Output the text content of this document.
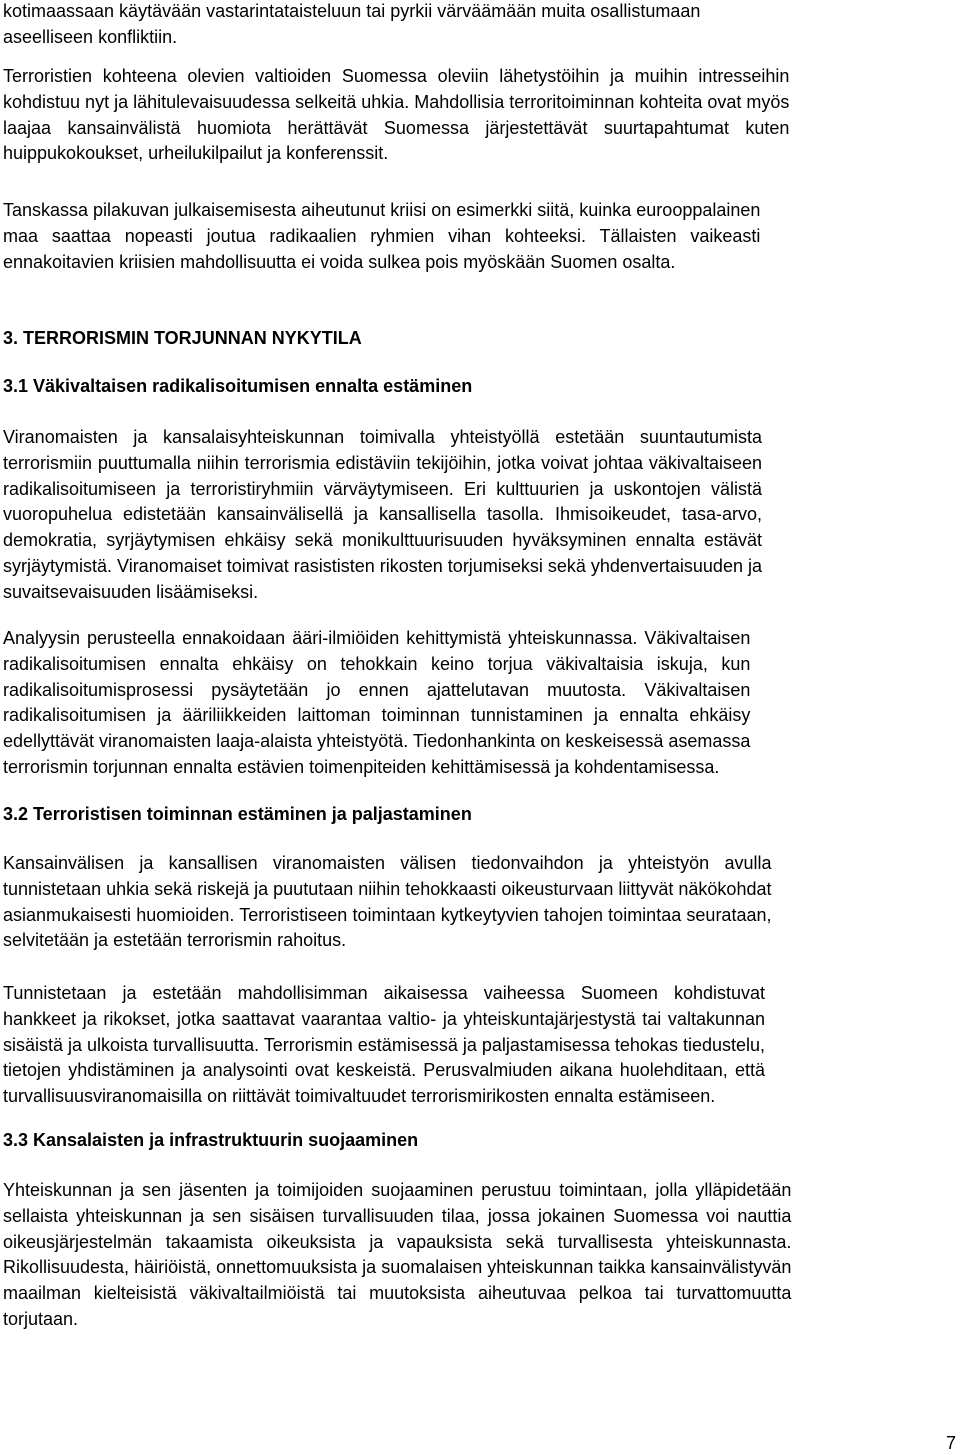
kotimaassaan käytävään vastarintataisteluun tai pyrkii värväämään muita osallistumaan
aseelliseen konfliktiin.

Terroristien kohteena olevien valtioiden Suomessa oleviin lähetystöihin ja muihin intresseihin
kohdistuu nyt ja lähitulevaisuudessa selkeitä uhkia. Mahdollisia terroritoiminnan kohteita ovat myös
laajaa kansainvälistä huomiota herättävät Suomessa järjestettävät suurtapahtumat kuten
huippukokoukset, urheilukilpailut ja konferenssit.

Tanskassa pilakuvan julkaisemisesta aiheutunut kriisi on esimerkki siitä, kuinka eurooppalainen
maa saattaa nopeasti joutua radikaalien ryhmien vihan kohteeksi. Tällaisten vaikeasti
ennakoitavien kriisien mahdollisuutta ei voida sulkea pois myöskään Suomen osalta.

3. TERRORISMIN TORJUNNAN NYKYTILA
3.1 Väkivaltaisen radikalisoitumisen ennalta estäminen

Viranomaisten ja kansalaisyhteiskunnan toimivalla yhteistyöllä estetään suuntautumista
terrorismiin puuttumalla niihin terrorismia edistäviin tekijöihin, jotka voivat johtaa väkivaltaiseen
radikalisoitumiseen ja terroristiryhmiin värväytymiseen. Eri kulttuurien ja uskontojen välistä
vuoropuhelua edistetään kansainvälisellä ja kansallisella tasolla. Ihmisoikeudet, tasa-arvo,
demokratia, syrjäytymisen ehkäisy sekä monikulttuurisuuden hyväksyminen ennalta estävät
syrjäytymistä. Viranomaiset toimivat rasististen rikosten torjumiseksi sekä yhdenvertaisuuden ja
suvaitsevaisuuden lisäämiseksi.

Analyysin perusteella ennakoidaan ääri-ilmiöiden kehittymistä yhteiskunnassa. Väkivaltaisen
radikalisoitumisen ennalta ehkäisy on tehokkain keino torjua väkivaltaisia iskuja, kun
radikalisoitumisprosessi pysäytetään jo ennen ajattelutavan muutosta. Väkivaltaisen
radikalisoitumisen ja ääriliikkeiden laittoman toiminnan tunnistaminen ja ennalta ehkäisy
edellyttävät viranomaisten laaja-alaista yhteistyötä. Tiedonhankinta on keskeisessä asemassa
terrorismin torjunnan ennalta estävien toimenpiteiden kehittämisessä ja kohdentamisessa.

3.2 Terroristisen toiminnan estäminen ja paljastaminen

Kansainvälisen ja kansallisen viranomaisten välisen tiedonvaihdon ja yhteistyön avulla
tunnistetaan uhkia sekä riskejä ja puututaan niihin tehokkaasti oikeusturvaan liittyvät näkökohdat
asianmukaisesti huomioiden. Terroristiseen toimintaan kytkeytyvien tahojen toimintaa seurataan,
selvitetään ja estetään terrorismin rahoitus.

Tunnistetaan ja estetään mahdollisimman aikaisessa vaiheessa Suomeen kohdistuvat
hankkeet ja rikokset, jotka saattavat vaarantaa valtio- ja yhteiskuntajärjestystä tai valtakunnan
sisäistä ja ulkoista turvallisuutta. Terrorismin estämisessä ja paljastamisessa tehokas tiedustelu,
tietojen yhdistäminen ja analysointi ovat keskeistä. Perusvalmiuden aikana huolehditaan, että
turvallisuusviranomaisilla on riittävät toimivaltuudet terrorismirikosten ennalta estämiseen.

3.3 Kansalaisten ja infrastruktuurin suojaaminen

Yhteiskunnan ja sen jäsenten ja toimijoiden suojaaminen perustuu toimintaan, jolla ylläpidetään
sellaista yhteiskunnan ja sen sisäisen turvallisuuden tilaa, jossa jokainen Suomessa voi nauttia
oikeusjärjestelmän takaamista oikeuksista ja vapauksista sekä turvallisesta yhteiskunnasta.
Rikollisuudesta, häiriöistä, onnettomuuksista ja suomalaisen yhteiskunnan taikka kansainvälistyvän
maailman kielteisistä väkivaltailmiöistä tai muutoksista aiheutuvaa pelkoa tai turvattomuutta
torjutaan.

7
